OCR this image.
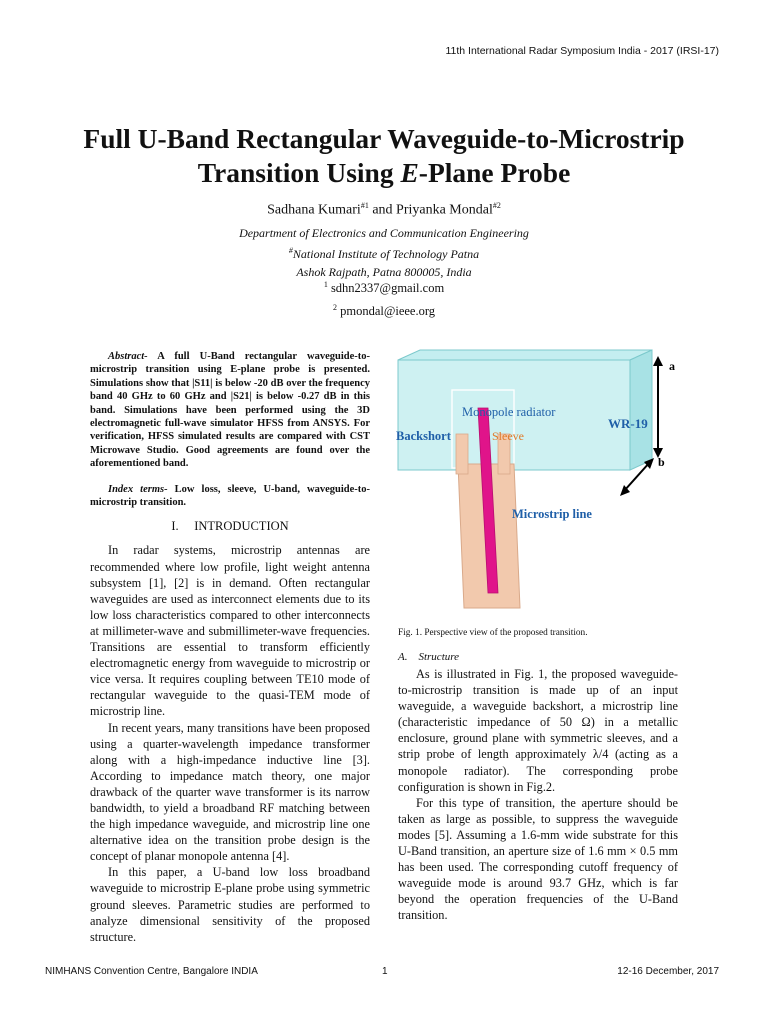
11th International Radar Symposium India - 2017 (IRSI-17)
Full U-Band Rectangular Waveguide-to-Microstrip
Transition Using E-Plane Probe
Sadhana Kumari$^{\#1}$ and Priyanka Mondal$^{\#2}$
Department of Electronics and Communication Engineering
#National Institute of Technology Patna
Ashok Rajpath, Patna 800005, India
$^1$ sdhn2337@gmail.com
$^2$ pmondal@ieee.org

Abstract- A full U-Band rectangular waveguide-to-microstrip transition using E-plane probe is presented. Simulations show that |S11| is below -20 dB over the frequency band 40 GHz to 60 GHz and |S21| is below -0.27 dB in this band. Simulations have been performed using the 3D electromagnetic full-wave simulator HFSS from ANSYS. For verification, HFSS simulated results are compared with CST Microwave Studio. Good agreements are found over the aforementioned band.

Index terms- Low loss, sleeve, U-band, waveguide-to-microstrip transition.

I.     INTRODUCTION

In radar systems, microstrip antennas are recommended where low profile, light weight antenna subsystem [1], [2] is in demand. Often rectangular waveguides are used as interconnect elements due to its low loss characteristics compared to other interconnects at millimeter-wave and submillimeter-wave frequencies. Transitions are essential to transform efficiently electromagnetic energy from waveguide to microstrip or vice versa. It requires coupling between TE10 mode of rectangular waveguide to the quasi-TEM mode of microstrip line.

In recent years, many transitions have been proposed using a quarter-wavelength impedance transformer along with a high-impedance inductive line [3]. According to impedance match theory, one major drawback of the quarter wave transformer is its narrow bandwidth, to yield a broadband RF matching between the high impedance waveguide, and microstrip line one alternative idea on the transition probe design is the concept of planar monopole antenna [4].

In this paper, a U-band low loss broadband waveguide to microstrip E-plane probe using symmetric ground sleeves. Parametric studies are performed to analyze dimensional sensitivity of the proposed structure.

Monopole radiator
Backshort	Sleeve
WR-19
Microstrip line
a
b
Fig. 1. Perspective view of the proposed transition.
A.    Structure

As is illustrated in Fig. 1, the proposed waveguide-to-microstrip transition is made up of an input waveguide, a waveguide backshort, a microstrip line (characteristic impedance of 50 Ω) in a metallic enclosure, ground plane with symmetric sleeves, and a strip probe of length approximately λ/4 (acting as a monopole radiator). The corresponding probe configuration is shown in Fig.2.

For this type of transition, the aperture should be taken as large as possible, to suppress the waveguide modes [5]. Assuming a 1.6-mm wide substrate for this U-Band transition, an aperture size of 1.6 mm × 0.5 mm has been used. The corresponding cutoff frequency of waveguide mode is around 93.7 GHz, which is far beyond the operation frequencies of the U-Band transition.

NIMHANS Convention Centre, Bangalore INDIA	1	12-16 December, 2017
